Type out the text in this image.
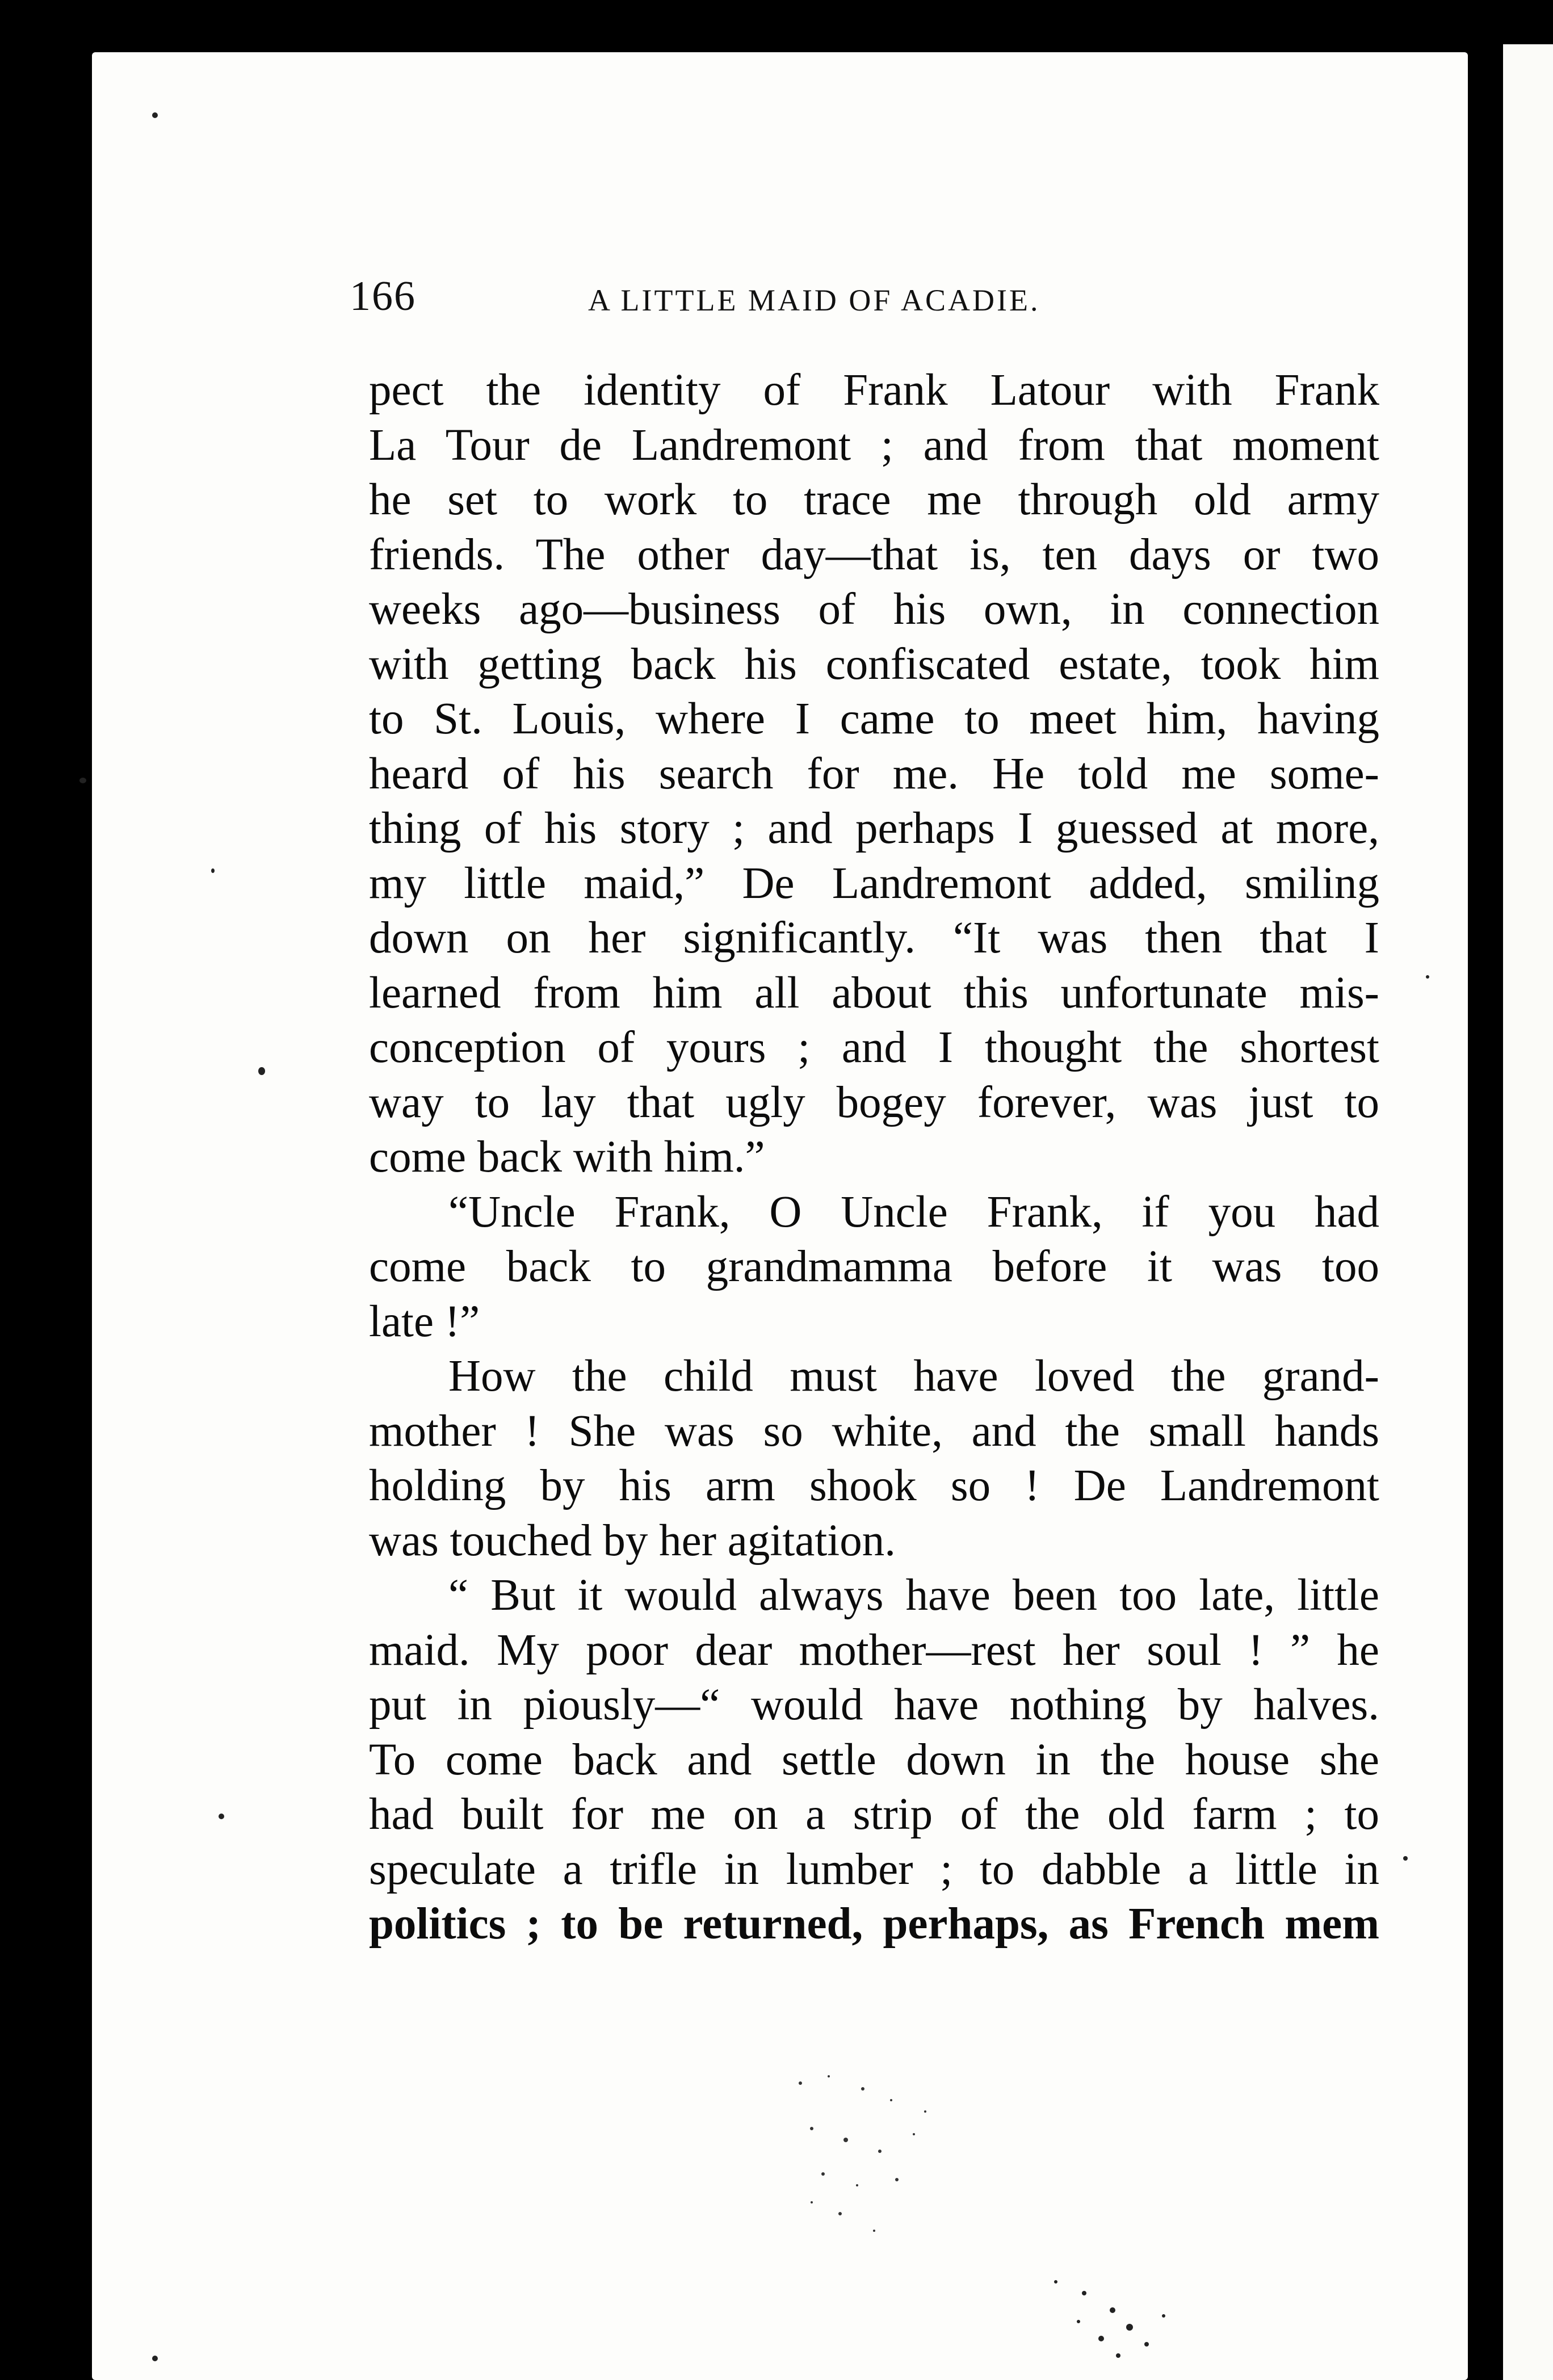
166	A LITTLE MAID OF ACADIE.
pect the identity of Frank Latour with Frank
La Tour de Landremont ; and from that moment
he set to work to trace me through old army
friends. The other day—that is, ten days or two
weeks ago—business of his own, in connection
with getting back his confiscated estate, took him
to St. Louis, where I came to meet him, having
heard of his search for me. He told me some-
thing of his story ; and perhaps I guessed at more,
my little maid,” De Landremont added, smiling
down on her significantly. “It was then that I
learned from him all about this unfortunate mis-
conception of yours ; and I thought the shortest
way to lay that ugly bogey forever, was just to
come back with him.”
“Uncle Frank, O Uncle Frank, if you had
come back to grandmamma before it was too
late !”
How the child must have loved the grand-
mother ! She was so white, and the small hands
holding by his arm shook so ! De Landremont
was touched by her agitation.
“ But it would always have been too late, little
maid. My poor dear mother—rest her soul ! ” he
put in piously—“ would have nothing by halves.
To come back and settle down in the house she
had built for me on a strip of the old farm ; to
speculate a trifle in lumber ; to dabble a little in
politics ; to be returned, perhaps, as French mem
